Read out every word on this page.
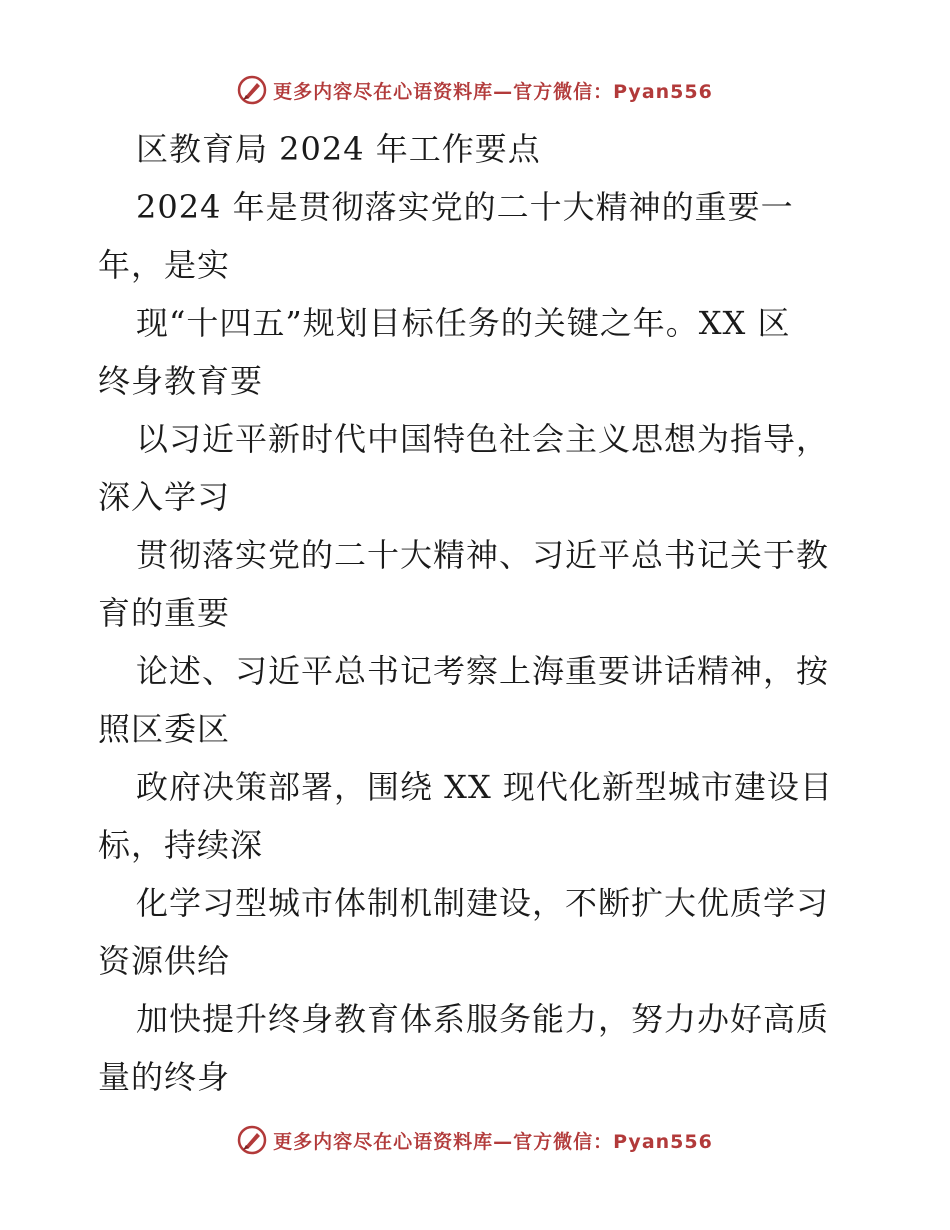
更多内容尽在心语资料库—官方微信：Pyan556
区教育局 2024 年工作要点
2024 年是贯彻落实党的二十大精神的重要一
年，是实
现“十四五”规划目标任务的关键之年。XX 区
终身教育要
以习近平新时代中国特色社会主义思想为指导，
深入学习
贯彻落实党的二十大精神、习近平总书记关于教
育的重要
论述、习近平总书记考察上海重要讲话精神，按
照区委区
政府决策部署，围绕 XX 现代化新型城市建设目
标，持续深
化学习型城市体制机制建设，不断扩大优质学习
资源供给
加快提升终身教育体系服务能力，努力办好高质
量的终身
更多内容尽在心语资料库—官方微信：Pyan556
